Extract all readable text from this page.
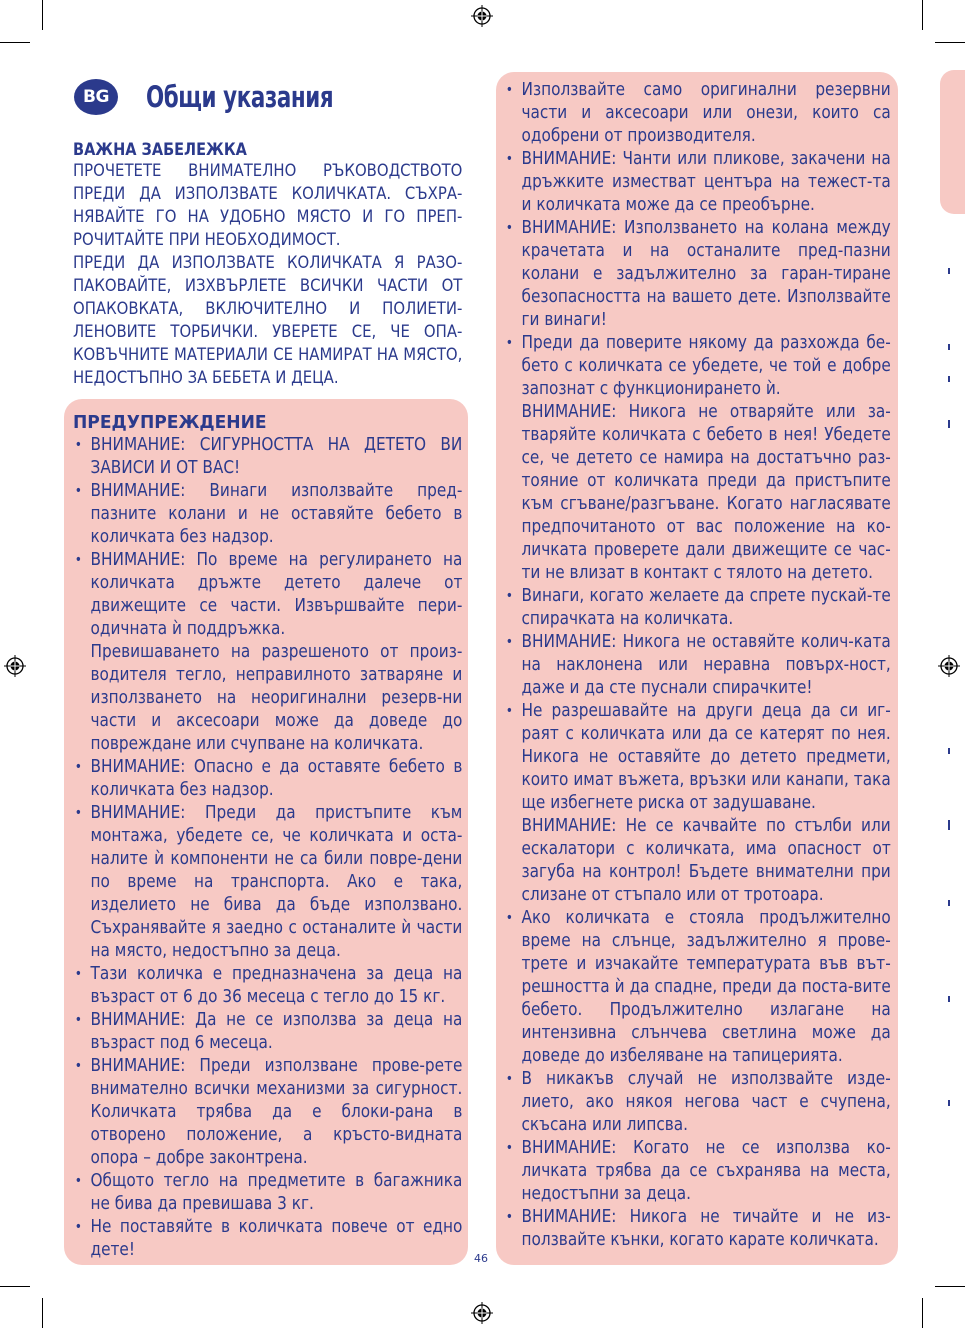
BG	Общи указания
ВАЖНА ЗАБЕЛЕЖКА

ПРОЧЕТЕТЕ ВНИМАТЕЛНО РЪКОВОДСТВОТО ПРЕДИ ДА ИЗПОЛЗВАТЕ КОЛИЧКАТА. СЪХРА-НЯВАЙТЕ ГО НА УДОБНО МЯСТО И ГО ПРЕП-РОЧИТАЙТЕ ПРИ НЕОБХОДИМОСТ.

ПРЕДИ ДА ИЗПОЛЗВАТЕ КОЛИЧКАТА Я РАЗО-ПАКОВАЙТЕ, ИЗХВЪРЛЕТЕ ВСИЧКИ ЧАСТИ ОТ ОПАКОВКАТА, ВКЛЮЧИТЕЛНО И ПОЛИЕТИ-ЛЕНОВИТЕ ТОРБИЧКИ. УВЕРЕТЕ СЕ, ЧЕ ОПА-КОВЪЧНИТЕ МАТЕРИАЛИ СЕ НАМИРАТ НА МЯСТО, НЕДОСТЪПНО ЗА БЕБЕТА И ДЕЦА.

ПРЕДУПРЕЖДЕНИЕ
• ВНИМАНИЕ: СИГУРНОСТТА НА ДЕТЕТО ВИ ЗАВИСИ И ОТ ВАС!
• ВНИМАНИЕ: Винаги използвайте пред-пазните колани и не оставяйте бебето в количката без надзор.
• ВНИМАНИЕ: По време на регулирането на количката дръжте детето далече от движещите се части. Извършвайте пери-одичната ѝ поддръжка.
Превишаването на разрешеното от произ-водителя тегло, неправилното затваряне и използването на неоригинални резерв-ни части и аксесоари може да доведе до повреждане или счупване на количката.
• ВНИМАНИЕ: Опасно е да оставяте бебето в количката без надзор.
• ВНИМАНИЕ: Преди да пристъпите към монтажа, убедете се, че количката и оста-налите ѝ компоненти не са били повре-дени по време на транспорта. Ако е така, изделието не бива да бъде използвано. Съхранявайте я заедно с останалите ѝ части на място, недостъпно за деца.
• Тази количка е предназначена за деца на възраст от 6 до 36 месеца с тегло до 15 кг.
• ВНИМАНИЕ: Да не се използва за деца на възраст под 6 месеца.
• ВНИМАНИЕ: Преди използване прове-рете внимателно всички механизми за сигурност. Количката трябва да е блоки-рана в отворено положение, а кръсто-видната опора – добре законтрена.
• Общото тегло на предметите в багажника не бива да превишава 3 кг.
• Не поставяйте в количката повече от едно дете!
• Използвайте само оригинални резервни части и аксесоари или онези, които са одобрени от производителя.
• ВНИМАНИЕ: Чанти или пликове, закачени на дръжките изместват центъра на тежест-та и количката може да се преобърне.
• ВНИМАНИЕ: Използването на колана между крачетата и на останалите пред-пазни колани е задължително за гаран-тиране безопасността на вашето дете. Използвайте ги винаги!
• Преди да поверите някому да разхожда бе-бето с количката се убедете, че той е добре запознат с функционирането ѝ.
ВНИМАНИЕ: Никога не отваряйте или за-тваряйте количката с бебето в нея! Убедете се, че детето се намира на достатъчно раз-тояние от количката преди да пристъпите към сгъване/разгъване. Когато нагласявате предпочитаното от вас положение на ко-личката проверете дали движещите се час-ти не влизат в контакт с тялото на детето.
• Винаги, когато желаете да спрете пускай-те спирачката на количката.
• ВНИМАНИЕ: Никога не оставяйте колич-ката на наклонена или неравна повърх-ност, даже и да сте пуснали спирачките!
• Не разрешавайте на други деца да си иг-раят с количката или да се катерят по нея. Никога не оставяйте до детето предмети, които имат въжета, връзки или канапи, така ще избегнете риска от задушаване.
ВНИМАНИЕ: Не се качвайте по стълби или ескалатори с количката, има опасност от загуба на контрол! Бъдете внимателни при слизане от стъпало или от тротоара.
• Ако количката е стояла продължително време на слънце, задължително я прове-трете и изчакайте температурата във вът-решността ѝ да спадне, преди да поста-вите бебето. Продължително излагане на интензивна слънчева светлина може да доведе до избеляване на тапицерията.
• В никакъв случай не използвайте изде-лието, ако някоя негова част е счупена, скъсана или липсва.
• ВНИМАНИЕ: Когато не се използва ко-личката трябва да се съхранява на места, недостъпни за деца.
• ВНИМАНИЕ: Никога не тичайте и не из-ползвайте кънки, когато карате количката.
46
